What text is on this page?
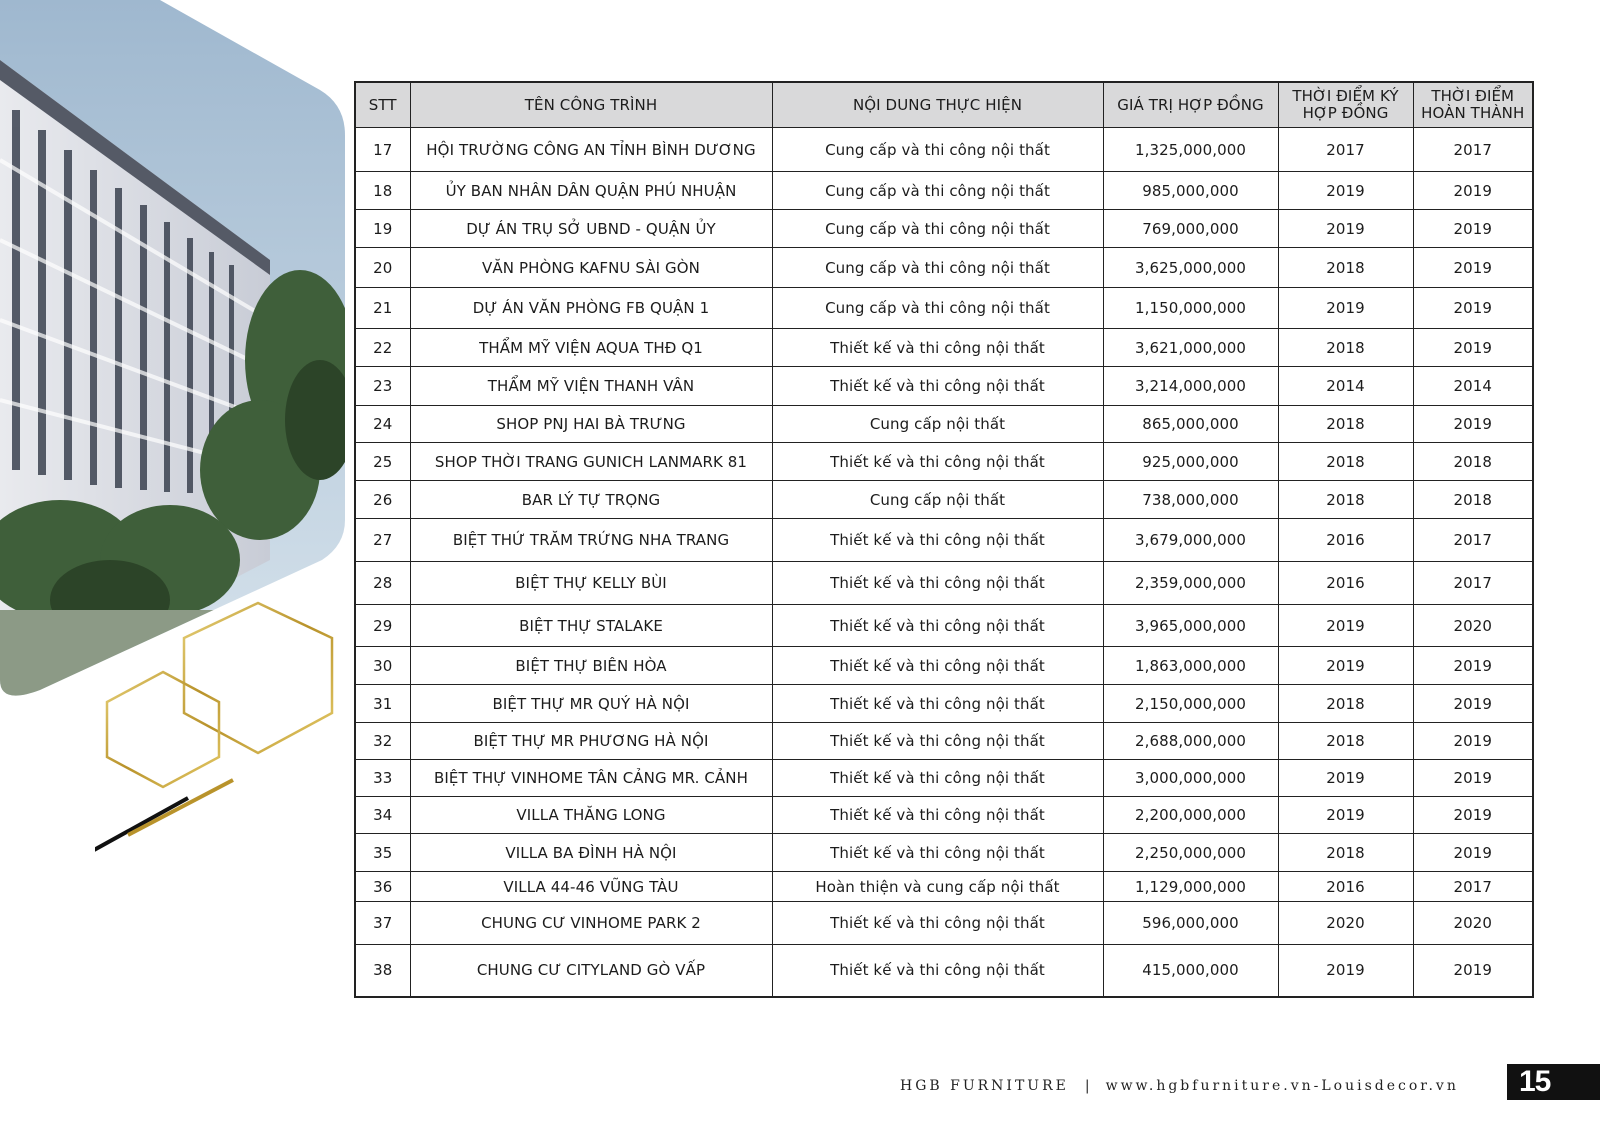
STT	TÊN CÔNG TRÌNH	NỘI DUNG THỰC HIỆN	GIÁ TRỊ HỢP ĐỒNG	THỜI ĐIỂM KÝ HỢP ĐỒNG	THỜI ĐIỂM HOÀN THÀNH
17	HỘI TRƯỜNG CÔNG AN TỈNH BÌNH DƯƠNG	Cung cấp và thi công nội thất	1,325,000,000	2017	2017
18	ỦY BAN NHÂN DÂN QUẬN PHÚ NHUẬN	Cung cấp và thi công nội thất	985,000,000	2019	2019
19	DỰ ÁN TRỤ SỞ UBND - QUẬN ỦY	Cung cấp và thi công nội thất	769,000,000	2019	2019
20	VĂN PHÒNG KAFNU SÀI GÒN	Cung cấp và thi công nội thất	3,625,000,000	2018	2019
21	DỰ ÁN VĂN PHÒNG FB QUẬN 1	Cung cấp và thi công nội thất	1,150,000,000	2019	2019
22	THẨM MỸ VIỆN AQUA THĐ Q1	Thiết kế và thi công nội thất	3,621,000,000	2018	2019
23	THẨM MỸ VIỆN THANH VÂN	Thiết kế và thi công nội thất	3,214,000,000	2014	2014
24	SHOP PNJ HAI BÀ TRƯNG	Cung cấp nội thất	865,000,000	2018	2019
25	SHOP THỜI TRANG GUNICH LANMARK 81	Thiết kế và thi công nội thất	925,000,000	2018	2018
26	BAR LÝ TỰ TRỌNG	Cung cấp nội thất	738,000,000	2018	2018
27	BIỆT THỨ TRĂM TRỨNG NHA TRANG	Thiết kế và thi công nội thất	3,679,000,000	2016	2017
28	BIỆT THỰ KELLY BÙI	Thiết kế và thi công nội thất	2,359,000,000	2016	2017
29	BIỆT THỰ STALAKE	Thiết kế và thi công nội thất	3,965,000,000	2019	2020
30	BIỆT THỰ BIÊN HÒA	Thiết kế và thi công nội thất	1,863,000,000	2019	2019
31	BIỆT THỰ MR QUÝ HÀ NỘI	Thiết kế và thi công nội thất	2,150,000,000	2018	2019
32	BIỆT THỰ MR PHƯƠNG HÀ NỘI	Thiết kế và thi công nội thất	2,688,000,000	2018	2019
33	BIỆT THỰ VINHOME TÂN CẢNG MR. CẢNH	Thiết kế và thi công nội thất	3,000,000,000	2019	2019
34	VILLA THĂNG LONG	Thiết kế và thi công nội thất	2,200,000,000	2019	2019
35	VILLA BA ĐÌNH HÀ NỘI	Thiết kế và thi công nội thất	2,250,000,000	2018	2019
36	VILLA 44-46 VŨNG TÀU	Hoàn thiện và cung cấp nội thất	1,129,000,000	2016	2017
37	CHUNG CƯ VINHOME PARK 2	Thiết kế và thi công nội thất	596,000,000	2020	2020
38	CHUNG CƯ CITYLAND GÒ VẤP	Thiết kế và thi công nội thất	415,000,000	2019	2019
HGB FURNITURE | www.hgbfurniture.vn-Louisdecor.vn	15
